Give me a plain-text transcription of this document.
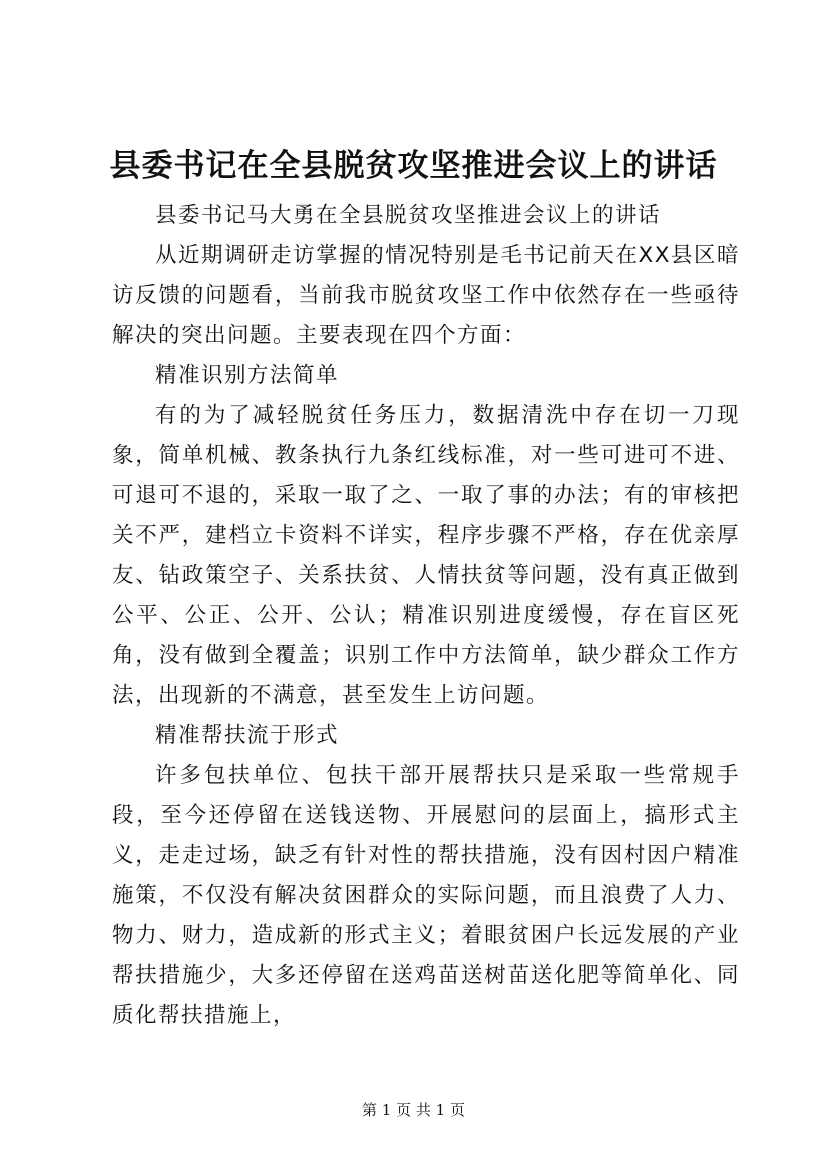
县委书记在全县脱贫攻坚推进会议上的讲话

县委书记马大勇在全县脱贫攻坚推进会议上的讲话

从近期调研走访掌握的情况特别是毛书记前天在XX县区暗访反馈的问题看，当前我市脱贫攻坚工作中依然存在一些亟待解决的突出问题。主要表现在四个方面：

精准识别方法简单

有的为了减轻脱贫任务压力，数据清洗中存在切一刀现象，简单机械、教条执行九条红线标准，对一些可进可不进、可退可不退的，采取一取了之、一取了事的办法；有的审核把关不严，建档立卡资料不详实，程序步骤不严格，存在优亲厚友、钻政策空子、关系扶贫、人情扶贫等问题，没有真正做到公平、公正、公开、公认；精准识别进度缓慢，存在盲区死角，没有做到全覆盖；识别工作中方法简单，缺少群众工作方法，出现新的不满意，甚至发生上访问题。

精准帮扶流于形式

许多包扶单位、包扶干部开展帮扶只是采取一些常规手段，至今还停留在送钱送物、开展慰问的层面上，搞形式主义，走走过场，缺乏有针对性的帮扶措施，没有因村因户精准施策，不仅没有解决贫困群众的实际问题，而且浪费了人力、物力、财力，造成新的形式主义；着眼贫困户长远发展的产业帮扶措施少，大多还停留在送鸡苗送树苗送化肥等简单化、同质化帮扶措施上，

第 1 页 共 1 页
